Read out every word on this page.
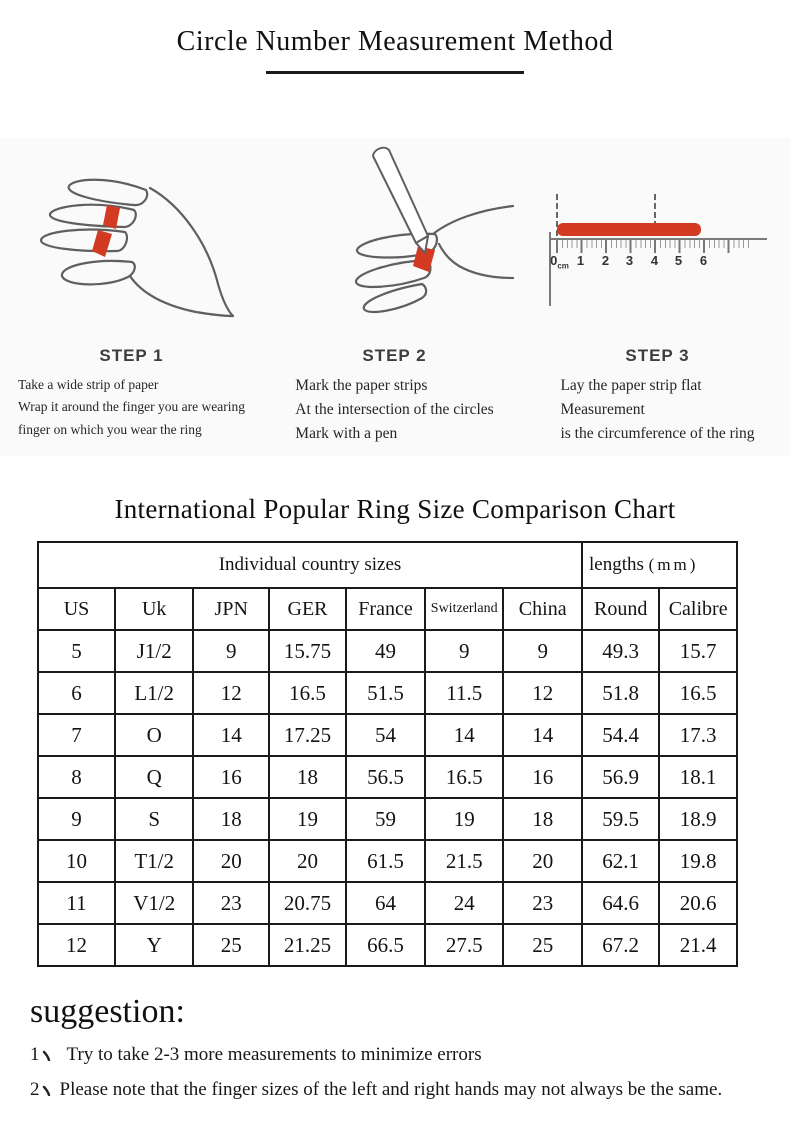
Circle Number Measurement Method
STEP 1
Take a wide strip of paper
Wrap it around the finger you are wearing
finger on which you wear the ring
STEP 2
Mark the paper strips
At the intersection of the circles
Mark with a pen
$0_{cm}$ 1 2 3 4 5 6
STEP 3
Lay the paper strip flat
Measurement
is the circumference of the ring
International Popular Ring Size Comparison Chart
Individual country sizes							lengths (mm)	
US	Uk	JPN	GER	France	Switzerland	China	Round	Calibre
5	J1/2	9	15.75	49	9	9	49.3	15.7
6	L1/2	12	16.5	51.5	11.5	12	51.8	16.5
7	O	14	17.25	54	14	14	54.4	17.3
8	Q	16	18	56.5	16.5	16	56.9	18.1
9	S	18	19	59	19	18	59.5	18.9
10	T1/2	20	20	61.5	21.5	20	62.1	19.8
11	V1/2	23	20.75	64	24	23	64.6	20.6
12	Y	25	21.25	66.5	27.5	25	67.2	21.4
suggestion:
1 Try to take 2-3 more measurements to minimize errors
2 Please note that the finger sizes of the left and right hands may not always be the same.
